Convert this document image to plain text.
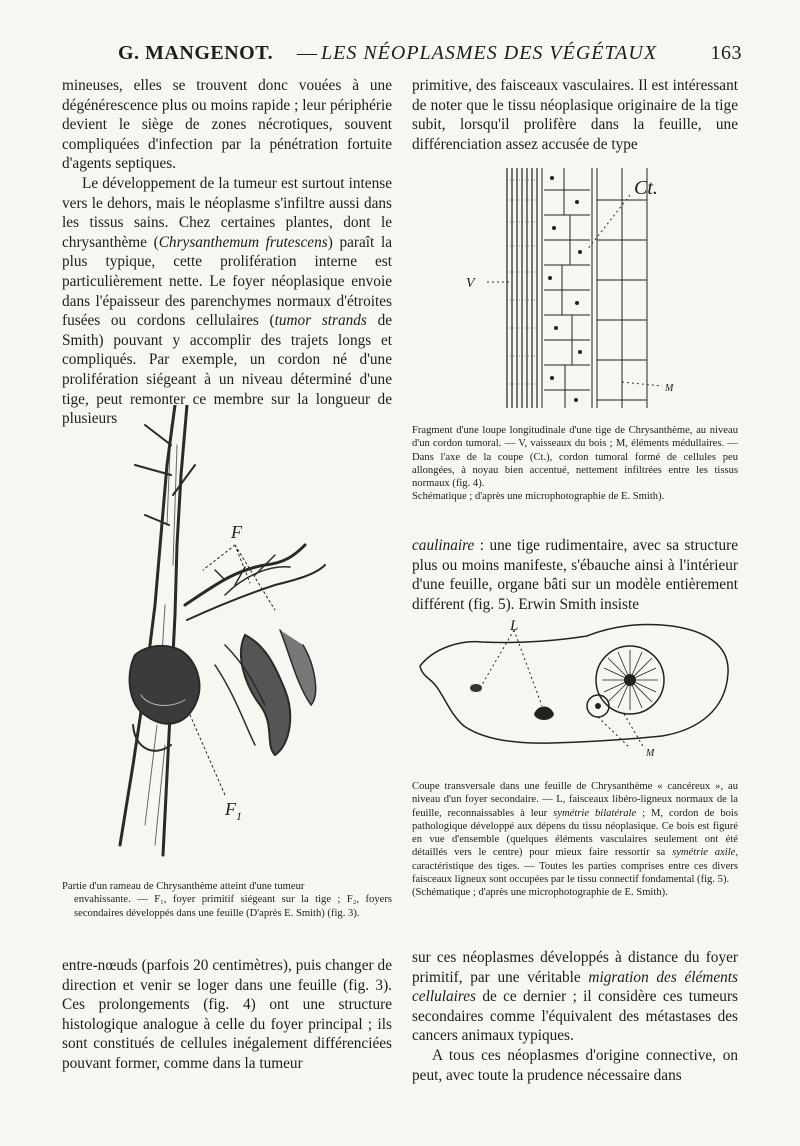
G. MANGENOT. — LES NÉOPLASMES DES VÉGÉTAUX	163

mineuses, elles se trouvent donc vouées à une dégénérescence plus ou moins rapide ; leur périphérie devient le siège de zones nécrotiques, souvent compliquées d'infection par la pénétration fortuite d'agents septiques.

Le développement de la tumeur est surtout intense vers le dehors, mais le néoplasme s'infiltre aussi dans les tissus sains. Chez certaines plantes, dont le chrysanthème (Chrysanthemum frutescens) paraît la plus typique, cette prolifération interne est particulièrement nette. Le foyer néoplasique envoie dans l'épaisseur des parenchymes normaux d'étroites fusées ou cordons cellulaires (tumor strands de Smith) pouvant y accomplir des trajets longs et compliqués. Par exemple, un cordon né d'une prolifération siégeant à un niveau déterminé d'une tige, peut remonter ce membre sur la longueur de plusieurs

F
$F_1$
Partie d'un rameau de Chrysanthème atteint d'une tumeur
envahissante. — F₁, foyer primitif siégeant sur la tige ; F₂, foyers secondaires développés dans une feuille (D'après E. Smith) (fig. 3).

entre-nœuds (parfois 20 centimètres), puis changer de direction et venir se loger dans une feuille (fig. 3). Ces prolongements (fig. 4) ont une structure histologique analogue à celle du foyer principal ; ils sont constitués de cellules inégalement différenciées pouvant former, comme dans la tumeur

primitive, des faisceaux vasculaires. Il est intéressant de noter que le tissu néoplasique originaire de la tige subit, lorsqu'il prolifère dans la feuille, une différenciation assez accusée de type

Ct.
V
M
Fragment d'une loupe longitudinale d'une tige de Chrysanthème, au niveau d'un cordon tumoral. — V, vaisseaux du bois ; M, éléments médullaires. — Dans l'axe de la coupe (Ct.), cordon tumoral formé de cellules peu allongées, à noyau bien accentué, nettement infiltrées entre les tissus normaux (fig. 4).
Schématique ; d'après une microphotographie de E. Smith).

caulinaire : une tige rudimentaire, avec sa structure plus ou moins manifeste, s'ébauche ainsi à l'intérieur d'une feuille, organe bâti sur un modèle entièrement différent (fig. 5). Erwin Smith insiste

L
M
Coupe transversale dans une feuille de Chrysanthème « cancéreux », au niveau d'un foyer secondaire. — L, faisceaux libéro-ligneux normaux de la feuille, reconnaissables à leur symétrie bilatérale ; M, cordon de bois pathologique développé aux dépens du tissu néoplasique. Ce bois est figuré en vue d'ensemble (quelques éléments vasculaires seulement ont été détaillés vers le centre) pour mieux faire ressortir sa symétrie axile, caractéristique des tiges. — Toutes les parties comprises entre ces divers faisceaux ligneux sont occupées par le tissu connectif fondamental (fig. 5).
(Schématique ; d'après une microphotographie de E. Smith).

sur ces néoplasmes développés à distance du foyer primitif, par une véritable migration des éléments cellulaires de ce dernier ; il considère ces tumeurs secondaires comme l'équivalent des métastases des cancers animaux typiques.

A tous ces néoplasmes d'origine connective, on peut, avec toute la prudence nécessaire dans
